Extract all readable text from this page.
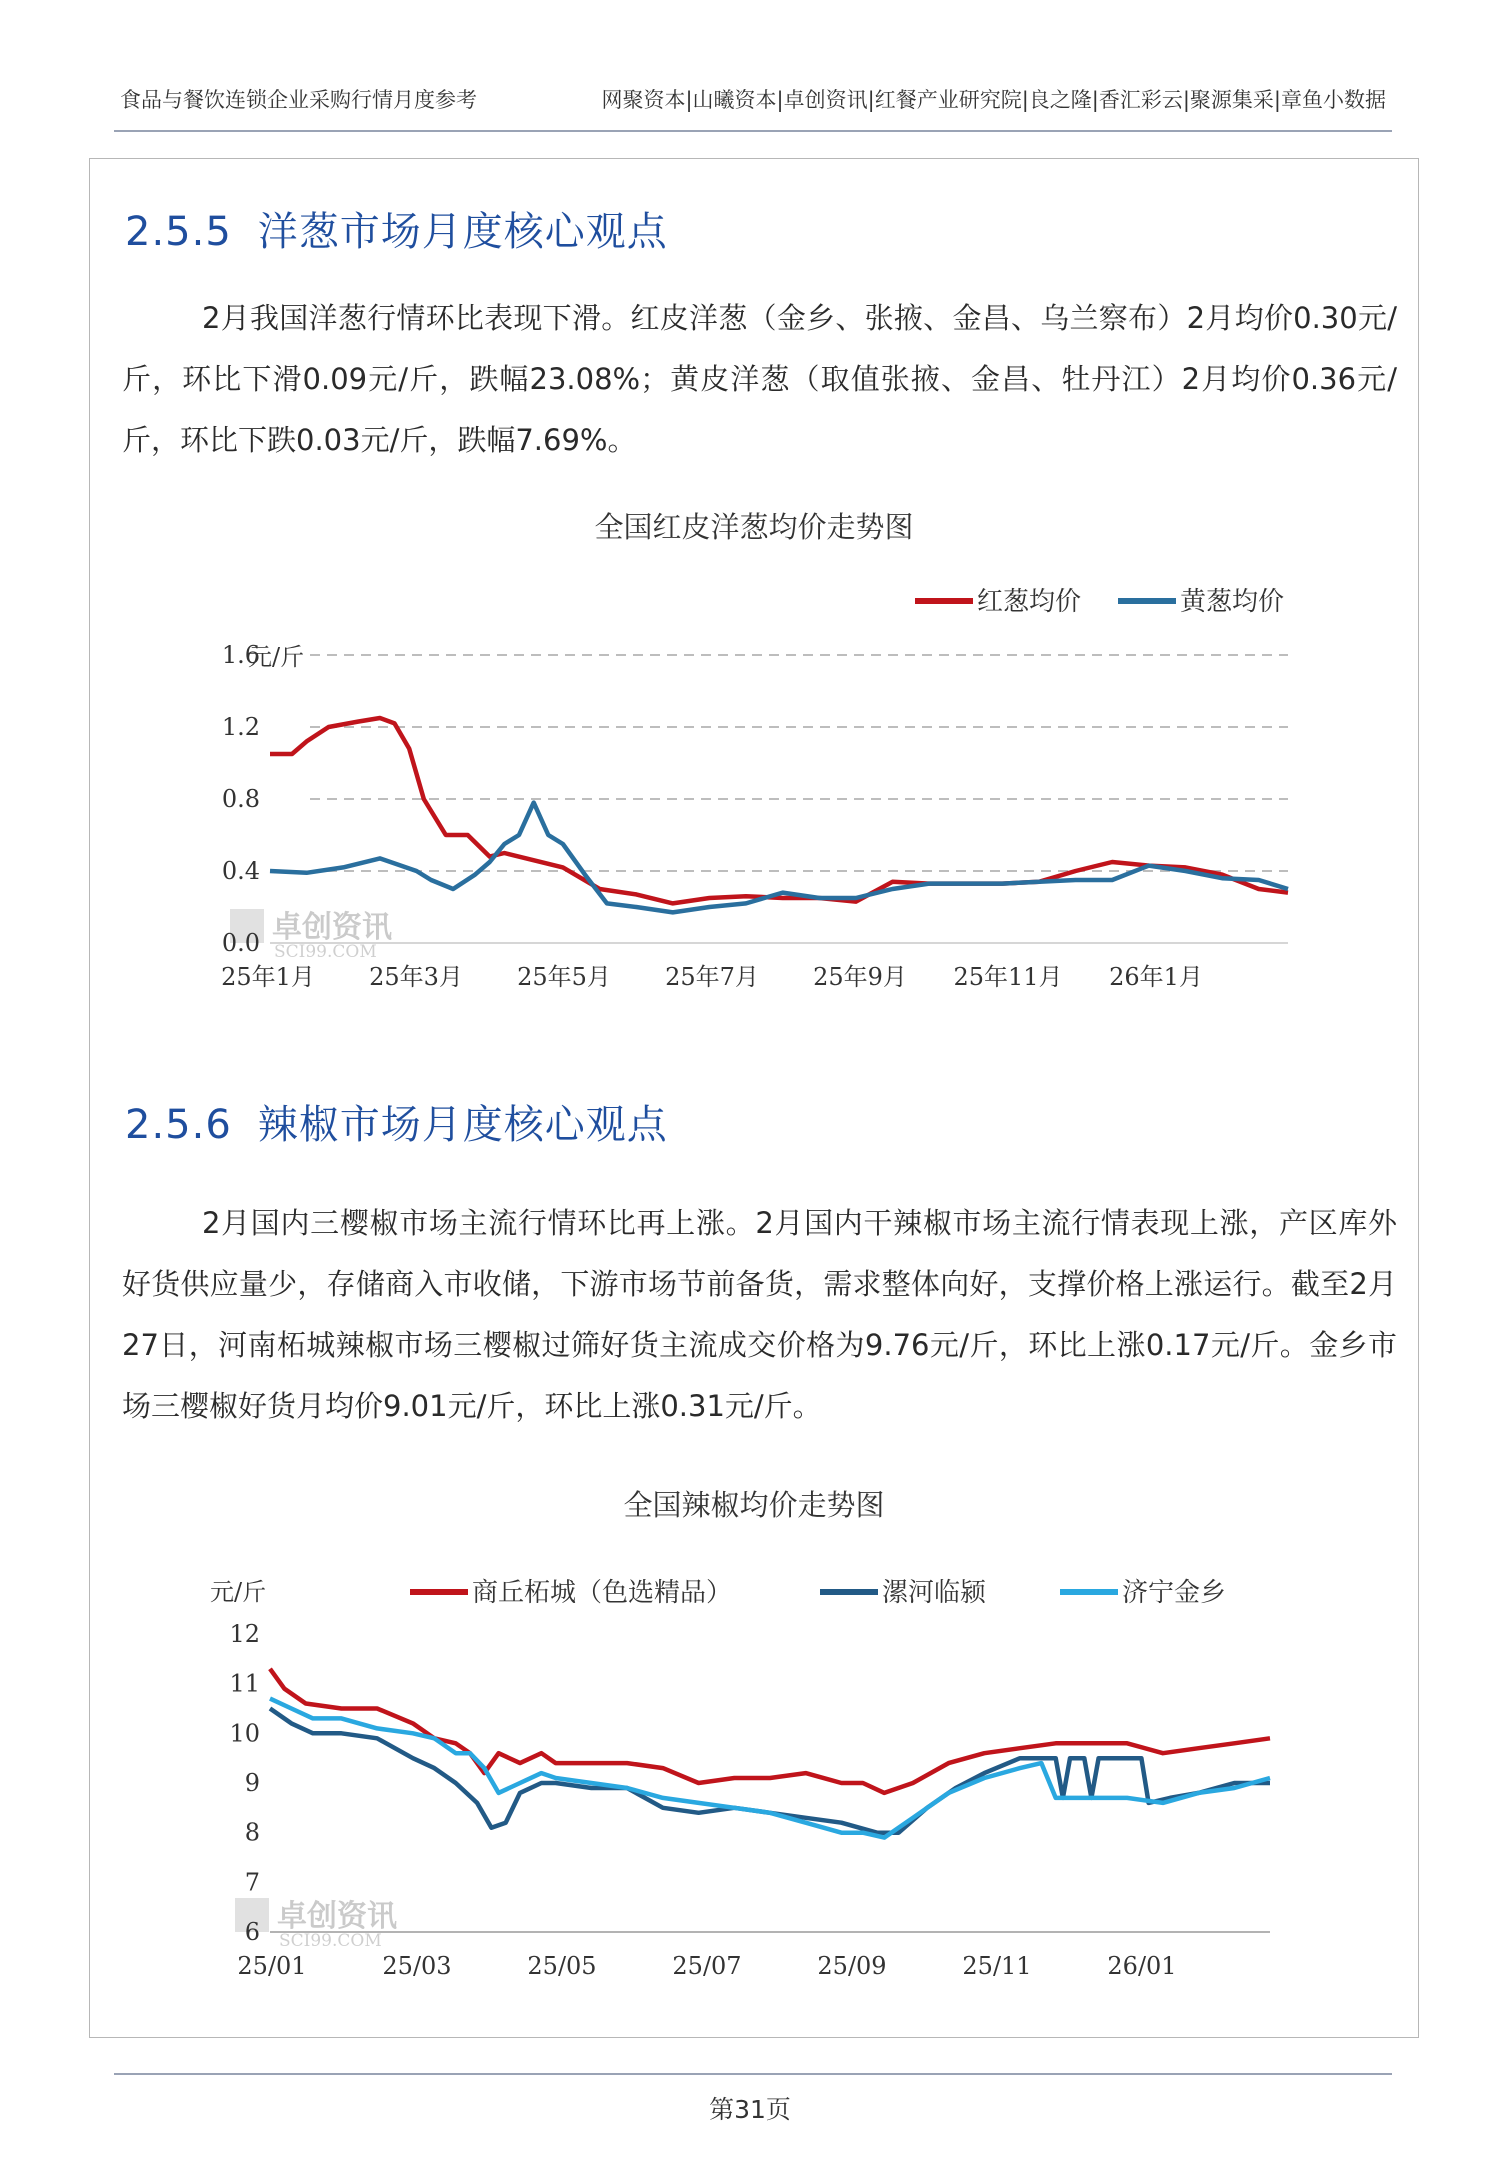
食品与餐饮连锁企业采购行情月度参考	网聚资本|山曦资本|卓创资讯|红餐产业研究院|良之隆|香汇彩云|聚源集采|章鱼小数据
2.5.5 洋葱市场月度核心观点

2月我国洋葱行情环比表现下滑。红皮洋葱（金乡、张掖、金昌、乌兰察布）2月均价0.30元/斤，环比下滑0.09元/斤，跌幅23.08%；黄皮洋葱（取值张掖、金昌、牡丹江）2月均价0.36元/斤，环比下跌0.03元/斤，跌幅7.69%。

全国红皮洋葱均价走势图
卓创资讯
SCI99.COM
1.6
1.2
0.8
0.4
0.0
元/斤
25年1月 25年3月 25年5月 25年7月 25年9月 25年11月 26年1月
红葱均价	黄葱均价
2.5.6 辣椒市场月度核心观点

2月国内三樱椒市场主流行情环比再上涨。2月国内干辣椒市场主流行情表现上涨，产区库外好货供应量少，存储商入市收储，下游市场节前备货，需求整体向好，支撑价格上涨运行。截至2月27日，河南柘城辣椒市场三樱椒过筛好货主流成交价格为9.76元/斤，环比上涨0.17元/斤。金乡市场三樱椒好货月均价9.01元/斤，环比上涨0.31元/斤。

全国辣椒均价走势图
卓创资讯
SCI99.COM
12
11
10
9
8
7
6
元/斤
25/01	25/03	25/05	25/07	25/09	25/11	26/01
商丘柘城（色选精品）	漯河临颍	济宁金乡
第31页
